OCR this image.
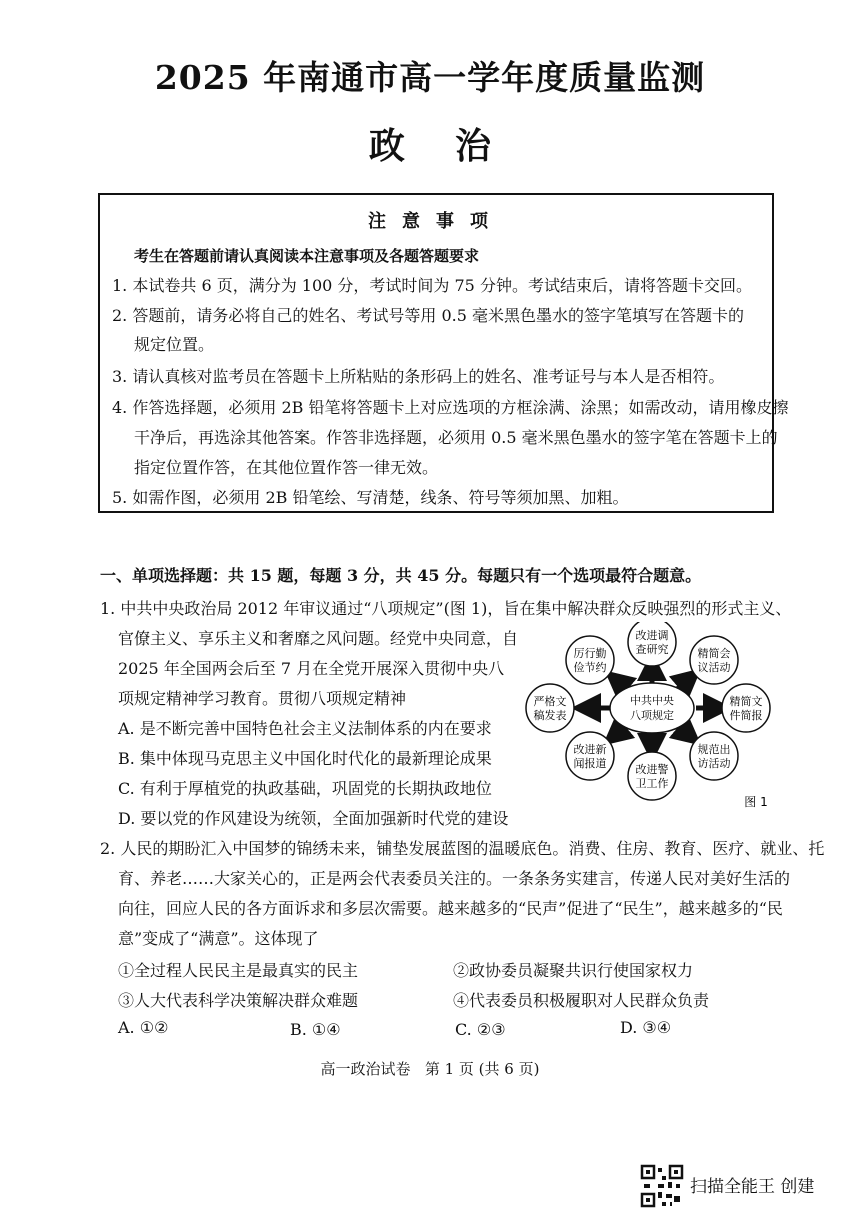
2025 年南通市高一学年度质量监测
政    治
注意事项
考生在答题前请认真阅读本注意事项及各题答题要求
1. 本试卷共 6 页，满分为 100 分，考试时间为 75 分钟。考试结束后，请将答题卡交回。
2. 答题前，请务必将自己的姓名、考试号等用 0.5 毫米黑色墨水的签字笔填写在答题卡的
规定位置。
3. 请认真核对监考员在答题卡上所粘贴的条形码上的姓名、准考证号与本人是否相符。
4. 作答选择题，必须用 2B 铅笔将答题卡上对应选项的方框涂满、涂黑；如需改动，请用橡皮擦
干净后，再选涂其他答案。作答非选择题，必须用 0.5 毫米黑色墨水的签字笔在答题卡上的
指定位置作答，在其他位置作答一律无效。
5. 如需作图，必须用 2B 铅笔绘、写清楚，线条、符号等须加黑、加粗。
一、单项选择题：共 15 题，每题 3 分，共 45 分。每题只有一个选项最符合题意。
1. 中共中央政治局 2012 年审议通过“八项规定”(图 1)，旨在集中解决群众反映强烈的形式主义、
官僚主义、享乐主义和奢靡之风问题。经党中央同意，自
2025 年全国两会后至 7 月在全党开展深入贯彻中央八
项规定精神学习教育。贯彻八项规定精神
A. 是不断完善中国特色社会主义法制体系的内在要求
B. 集中体现马克思主义中国化时代化的最新理论成果
C. 有利于厚植党的执政基础，巩固党的长期执政地位
D. 要以党的作风建设为统领，全面加强新时代党的建设
中共中央
八项规定
改进调
查研究	精简会
议活动
精简文
件简报
规范出
访活动
改进警
卫工作
改进新
闻报道
严格文
稿发表
厉行勤
俭节约
图 1
2. 人民的期盼汇入中国梦的锦绣未来，铺垫发展蓝图的温暖底色。消费、住房、教育、医疗、就业、托
育、养老……大家关心的，正是两会代表委员关注的。一条条务实建言，传递人民对美好生活的
向往，回应人民的各方面诉求和多层次需要。越来越多的“民声”促进了“民生”，越来越多的“民
意”变成了“满意”。这体现了
①全过程人民民主是最真实的民主	②政协委员凝聚共识行使国家权力
③人大代表科学决策解决群众难题	④代表委员积极履职对人民群众负责
A. ①②	B. ①④	C. ②③	D. ③④
高一政治试卷   第 1 页 (共 6 页)
扫描全能王 创建
